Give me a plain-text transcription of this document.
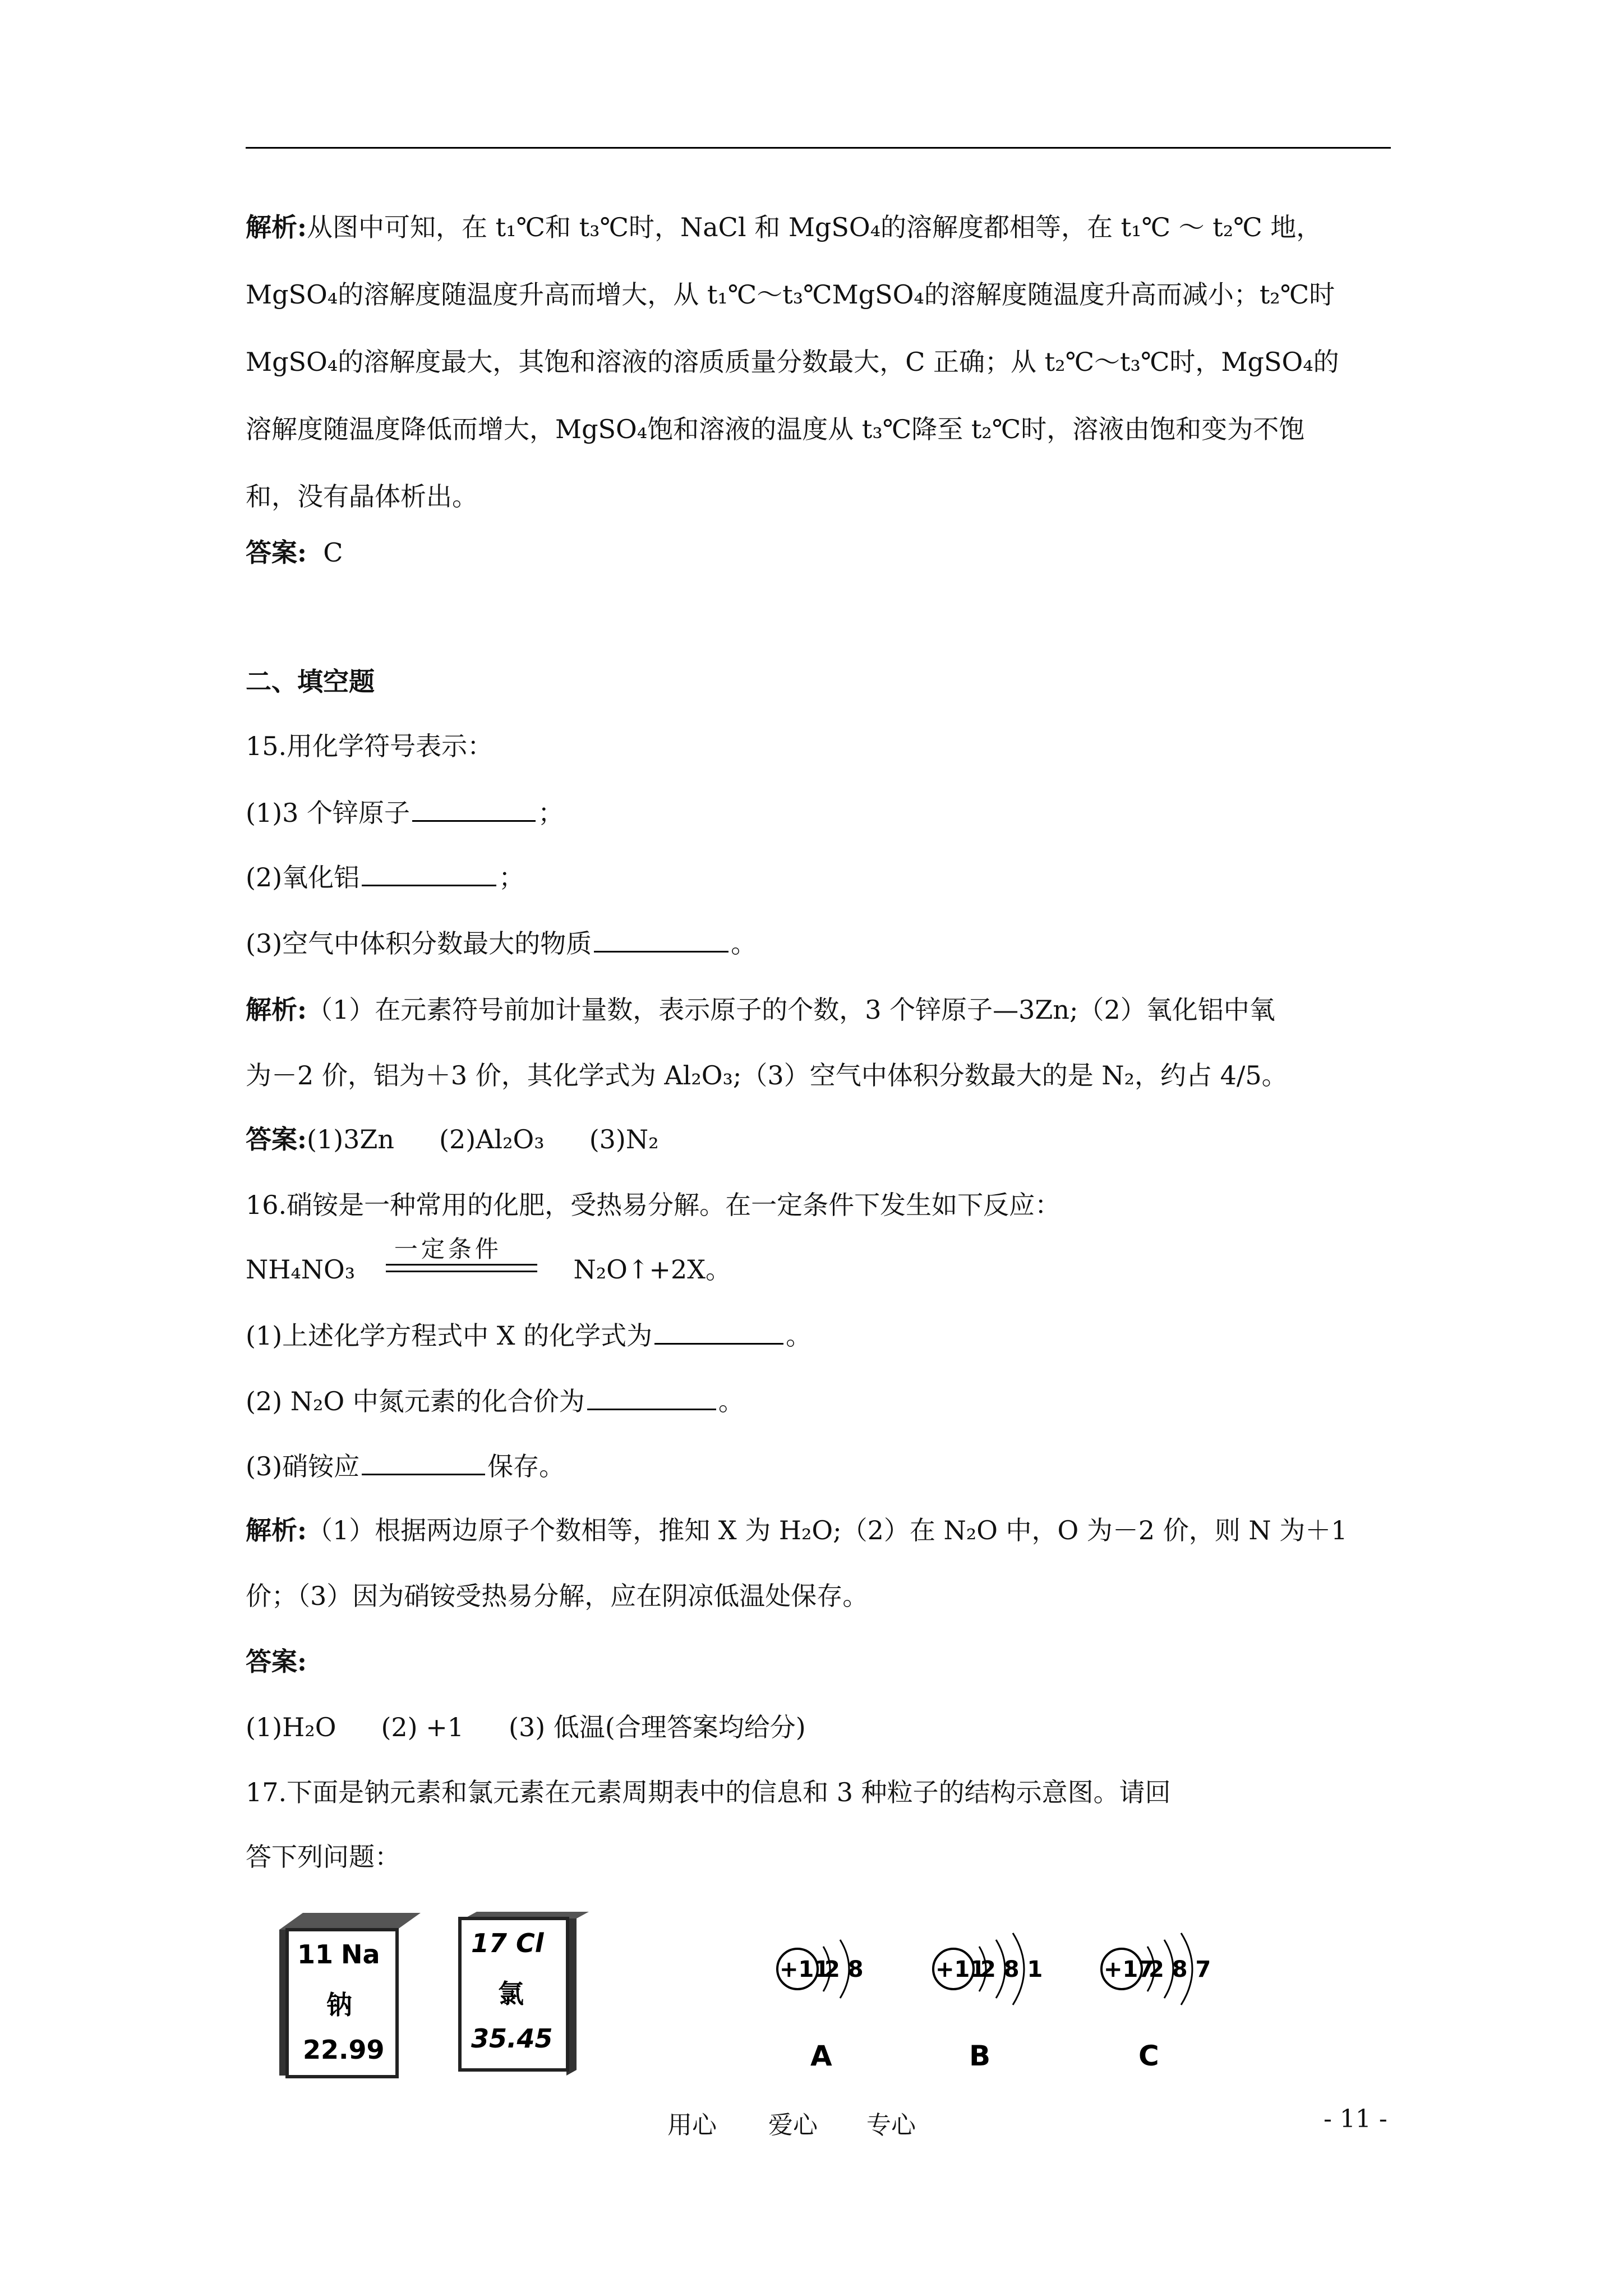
解析:从图中可知，在 t₁℃和 t₃℃时，NaCl 和 MgSO₄的溶解度都相等，在 t₁℃ ～ t₂℃ 地，
MgSO₄的溶解度随温度升高而增大，从 t₁℃～t₃℃MgSO₄的溶解度随温度升高而减小；t₂℃时
MgSO₄的溶解度最大，其饱和溶液的溶质质量分数最大，C 正确；从 t₂℃～t₃℃时，MgSO₄的
溶解度随温度降低而增大，MgSO₄饱和溶液的温度从 t₃℃降至 t₂℃时，溶液由饱和变为不饱
和，没有晶体析出。
答案: C
二、填空题
15.用化学符号表示：
(1)3 个锌原子	；
(2)氧化铝	；
(3)空气中体积分数最大的物质	。
解析:（1）在元素符号前加计量数，表示原子的个数，3 个锌原子—3Zn;（2）氧化铝中氧
为－2 价，铝为＋3 价，其化学式为 Al₂O₃;（3）空气中体积分数最大的是 N₂，约占 4/5。
答案:(1)3Zn (2)Al₂O₃ (3)N₂
16.硝铵是一种常用的化肥，受热易分解。在一定条件下发生如下反应：
NH₄NO₃
一定条件
N₂O↑+2X。
(1)上述化学方程式中 X 的化学式为	。
(2) N₂O 中氮元素的化合价为	。
(3)硝铵应	保存。
解析:（1）根据两边原子个数相等，推知 X 为 H₂O;（2）在 N₂O 中，O 为－2 价，则 N 为＋1
价；（3）因为硝铵受热易分解，应在阴凉低温处保存。
答案:
(1)H₂O (2) +1 (3) 低温(合理答案均给分)
17.下面是钠元素和氯元素在元素周期表中的信息和 3 种粒子的结构示意图。请回
答下列问题：
11 Na
钠
22.99
17 Cl
氯
35.45
+11
2 8
A
+11
2 8 1
B
+17
2 8 7
C
用心 爱心 专心	- 11 -
